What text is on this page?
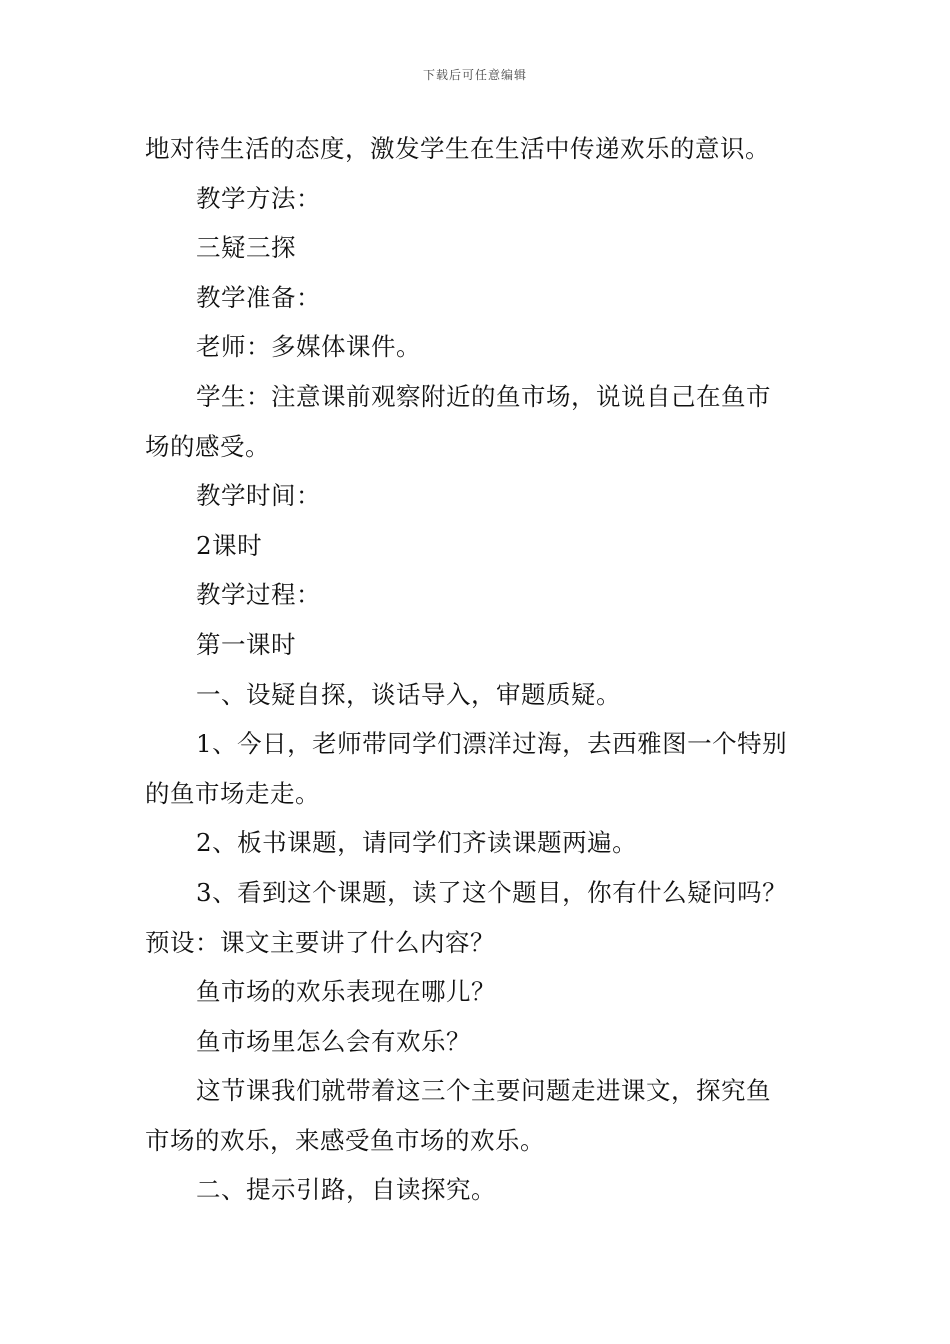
下载后可任意编辑

地对待生活的态度，激发学生在生活中传递欢乐的意识。

教学方法：

三疑三探

教学准备：

老师：多媒体课件。

学生：注意课前观察附近的鱼市场，说说自己在鱼市

场的感受。

教学时间：

2课时

教学过程：

第一课时

一、设疑自探，谈话导入，审题质疑。

1、今日，老师带同学们漂洋过海，去西雅图一个特别

的鱼市场走走。

2、板书课题，请同学们齐读课题两遍。

3、看到这个课题，读了这个题目，你有什么疑问吗？

预设：课文主要讲了什么内容？

鱼市场的欢乐表现在哪儿？

鱼市场里怎么会有欢乐？

这节课我们就带着这三个主要问题走进课文，探究鱼

市场的欢乐，来感受鱼市场的欢乐。

二、提示引路，自读探究。
